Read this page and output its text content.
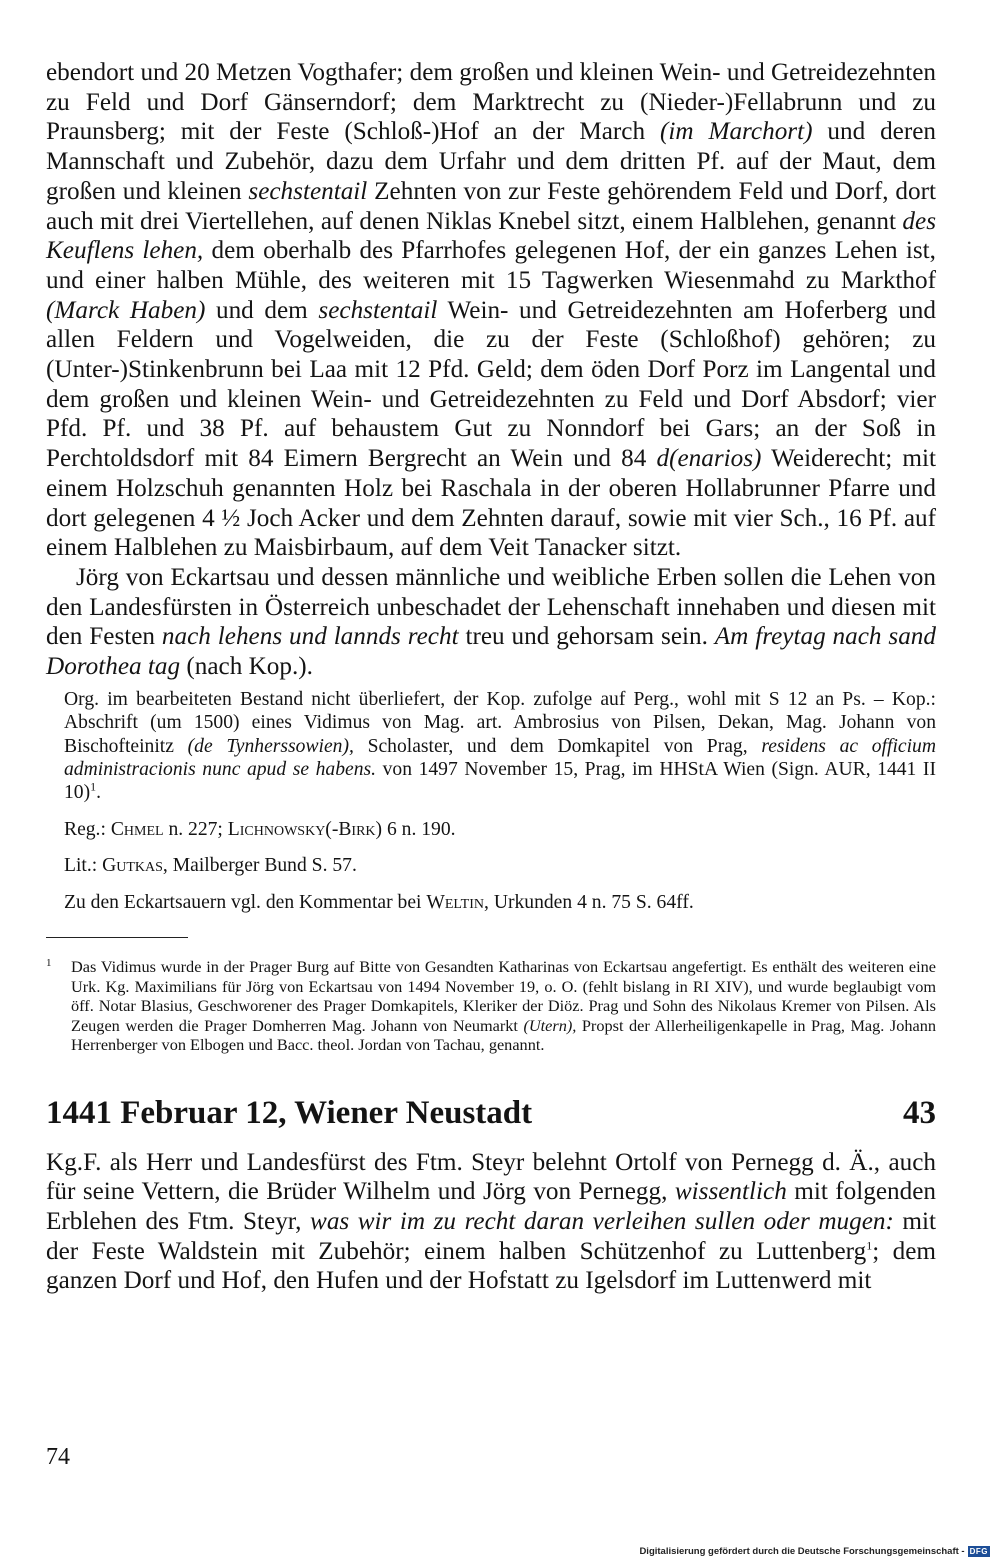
ebendort und 20 Metzen Vogthafer; dem großen und kleinen Wein- und Getreidezehnten zu Feld und Dorf Gänserndorf; dem Marktrecht zu (Nieder-)Fellabrunn und zu Praunsberg; mit der Feste (Schloß-)Hof an der March (im Marchort) und deren Mannschaft und Zubehör, dazu dem Urfahr und dem dritten Pf. auf der Maut, dem großen und kleinen sechstentail Zehnten von zur Feste gehörendem Feld und Dorf, dort auch mit drei Viertellehen, auf denen Niklas Knebel sitzt, einem Halblehen, genannt des Keuflens lehen, dem oberhalb des Pfarrhofes gelegenen Hof, der ein ganzes Lehen ist, und einer halben Mühle, des weiteren mit 15 Tagwerken Wiesenmahd zu Markthof (Marck Haben) und dem sechstentail Wein- und Getreidezehnten am Hoferberg und allen Feldern und Vogelweiden, die zu der Feste (Schloßhof) gehören; zu (Unter-)Stinkenbrunn bei Laa mit 12 Pfd. Geld; dem öden Dorf Porz im Langental und dem großen und kleinen Wein- und Getreidezehnten zu Feld und Dorf Absdorf; vier Pfd. Pf. und 38 Pf. auf behaustem Gut zu Nonndorf bei Gars; an der Soß in Perchtoldsdorf mit 84 Eimern Bergrecht an Wein und 84 d(enarios) Weiderecht; mit einem Holzschuh genannten Holz bei Raschala in der oberen Hollabrunner Pfarre und dort gelegenen 4 ½ Joch Acker und dem Zehnten darauf, sowie mit vier Sch., 16 Pf. auf einem Halblehen zu Maisbirbaum, auf dem Veit Tanacker sitzt.

Jörg von Eckartsau und dessen männliche und weibliche Erben sollen die Lehen von den Landesfürsten in Österreich unbeschadet der Lehenschaft innehaben und diesen mit den Festen nach lehens und lannds recht treu und gehorsam sein. Am freytag nach sand Dorothea tag (nach Kop.).

Org. im bearbeiteten Bestand nicht überliefert, der Kop. zufolge auf Perg., wohl mit S 12 an Ps. – Kop.: Abschrift (um 1500) eines Vidimus von Mag. art. Ambrosius von Pilsen, Dekan, Mag. Johann von Bischofteinitz (de Tynherssowien), Scholaster, und dem Domkapitel von Prag, residens ac officium administracionis nunc apud se habens. von 1497 November 15, Prag, im HHStA Wien (Sign. AUR, 1441 II 10)$^1$.

Reg.: Chmel n. 227; Lichnowsky(-Birk) 6 n. 190.

Lit.: Gutkas, Mailberger Bund S. 57.

Zu den Eckartsauern vgl. den Kommentar bei Weltin, Urkunden 4 n. 75 S. 64ff.

1 Das Vidimus wurde in der Prager Burg auf Bitte von Gesandten Katharinas von Eckartsau angefertigt. Es enthält des weiteren eine Urk. Kg. Maximilians für Jörg von Eckartsau von 1494 November 19, o. O. (fehlt bislang in RI XIV), und wurde beglaubigt vom öff. Notar Blasius, Geschworener des Prager Domkapitels, Kleriker der Diöz. Prag und Sohn des Nikolaus Kremer von Pilsen. Als Zeugen werden die Prager Domherren Mag. Johann von Neumarkt (Utern), Propst der Allerheiligenkapelle in Prag, Mag. Johann Herrenberger von Elbogen und Bacc. theol. Jordan von Tachau, genannt.
1441 Februar 12, Wiener Neustadt	43

Kg.F. als Herr und Landesfürst des Ftm. Steyr belehnt Ortolf von Pernegg d. Ä., auch für seine Vettern, die Brüder Wilhelm und Jörg von Pernegg, wissentlich mit folgenden Erblehen des Ftm. Steyr, was wir im zu recht daran verleihen sullen oder mugen: mit der Feste Waldstein mit Zubehör; einem halben Schützenhof zu Luttenberg$^1$; dem ganzen Dorf und Hof, den Hufen und der Hofstatt zu Igelsdorf im Luttenwerd mit

74
Digitalisierung gefördert durch die Deutsche Forschungsgemeinschaft - DFG
